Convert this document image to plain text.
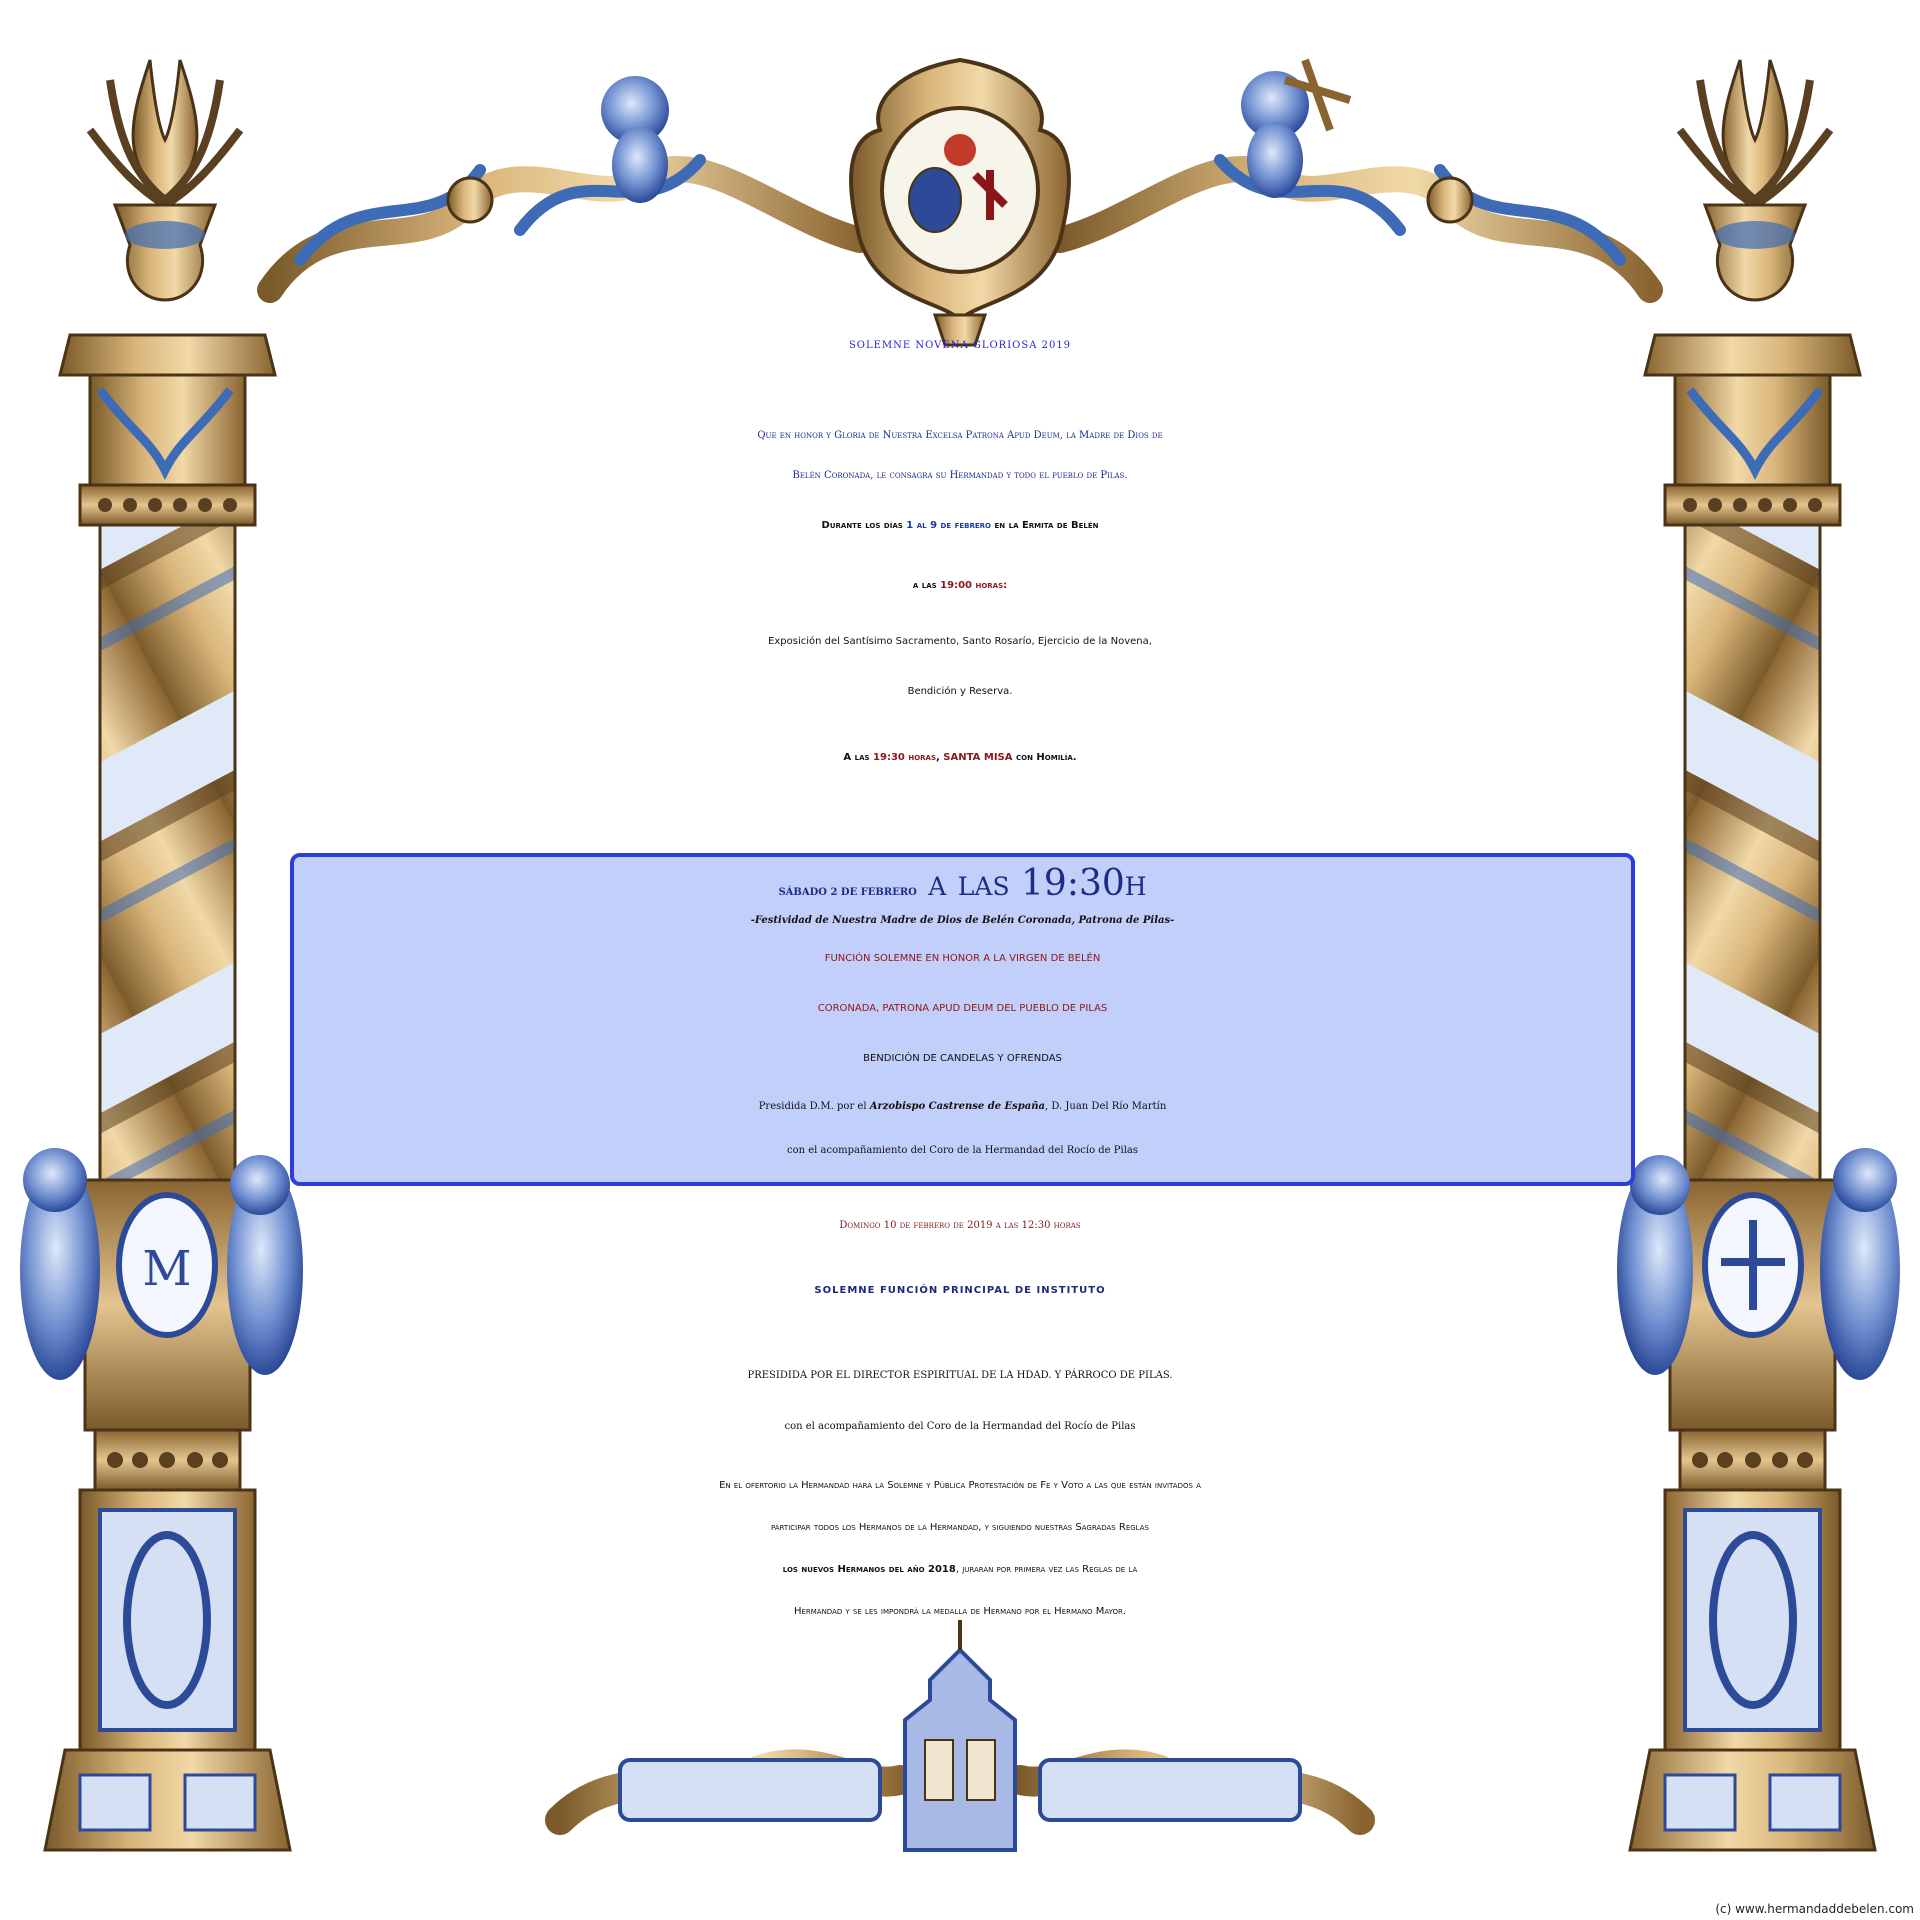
M
SOLEMNE NOVENA GLORIOSA 2019
Que en honor y Gloria de Nuestra Excelsa Patrona Apud Deum, la Madre de Dios de
Belén Coronada, le consagra su Hermandad y todo el pueblo de Pilas.
Durante los días 1 al 9 de febrero en la Ermita de Belén
a las 19:00 horas:
Exposición del Santísimo Sacramento, Santo Rosarío, Ejercicio de la Novena,
Bendición y Reserva.
A las 19:30 horas, SANTA MISA con Homilía.
SÁBADO 2 DE FEBRERO a las 19:30h
-Festividad de Nuestra Madre de Dios de Belén Coronada, Patrona de Pilas-
FUNCIÓN SOLEMNE EN HONOR A LA VIRGEN DE BELÉN
CORONADA, PATRONA APUD DEUM DEL PUEBLO DE PILAS
BENDICIÓN DE CANDELAS Y OFRENDAS
Presidida D.M. por el Arzobispo Castrense de España, D. Juan Del Río Martín
con el acompañamiento del Coro de la Hermandad del Rocío de Pilas
Domingo 10 de febrero de 2019 a las 12:30 horas
SOLEMNE FUNCIÓN PRINCIPAL DE INSTITUTO
PRESIDIDA POR EL DIRECTOR ESPIRITUAL DE LA HDAD. Y PÁRROCO DE PILAS.
con el acompañamiento del Coro de la Hermandad del Rocío de Pilas
En el ofertorio la Hermandad hará la Solemne y Pública Protestación de Fe y Voto a las que están invitados a
participar todos los Hermanos de la Hermandad, y siguiendo nuestras Sagradas Reglas
los nuevos Hermanos del año 2018, jurarán por primera vez las Reglas de la
Hermandad y se les impondrá la medalla de Hermano por el Hermano Mayor.
(c) www.hermandaddebelen.com
